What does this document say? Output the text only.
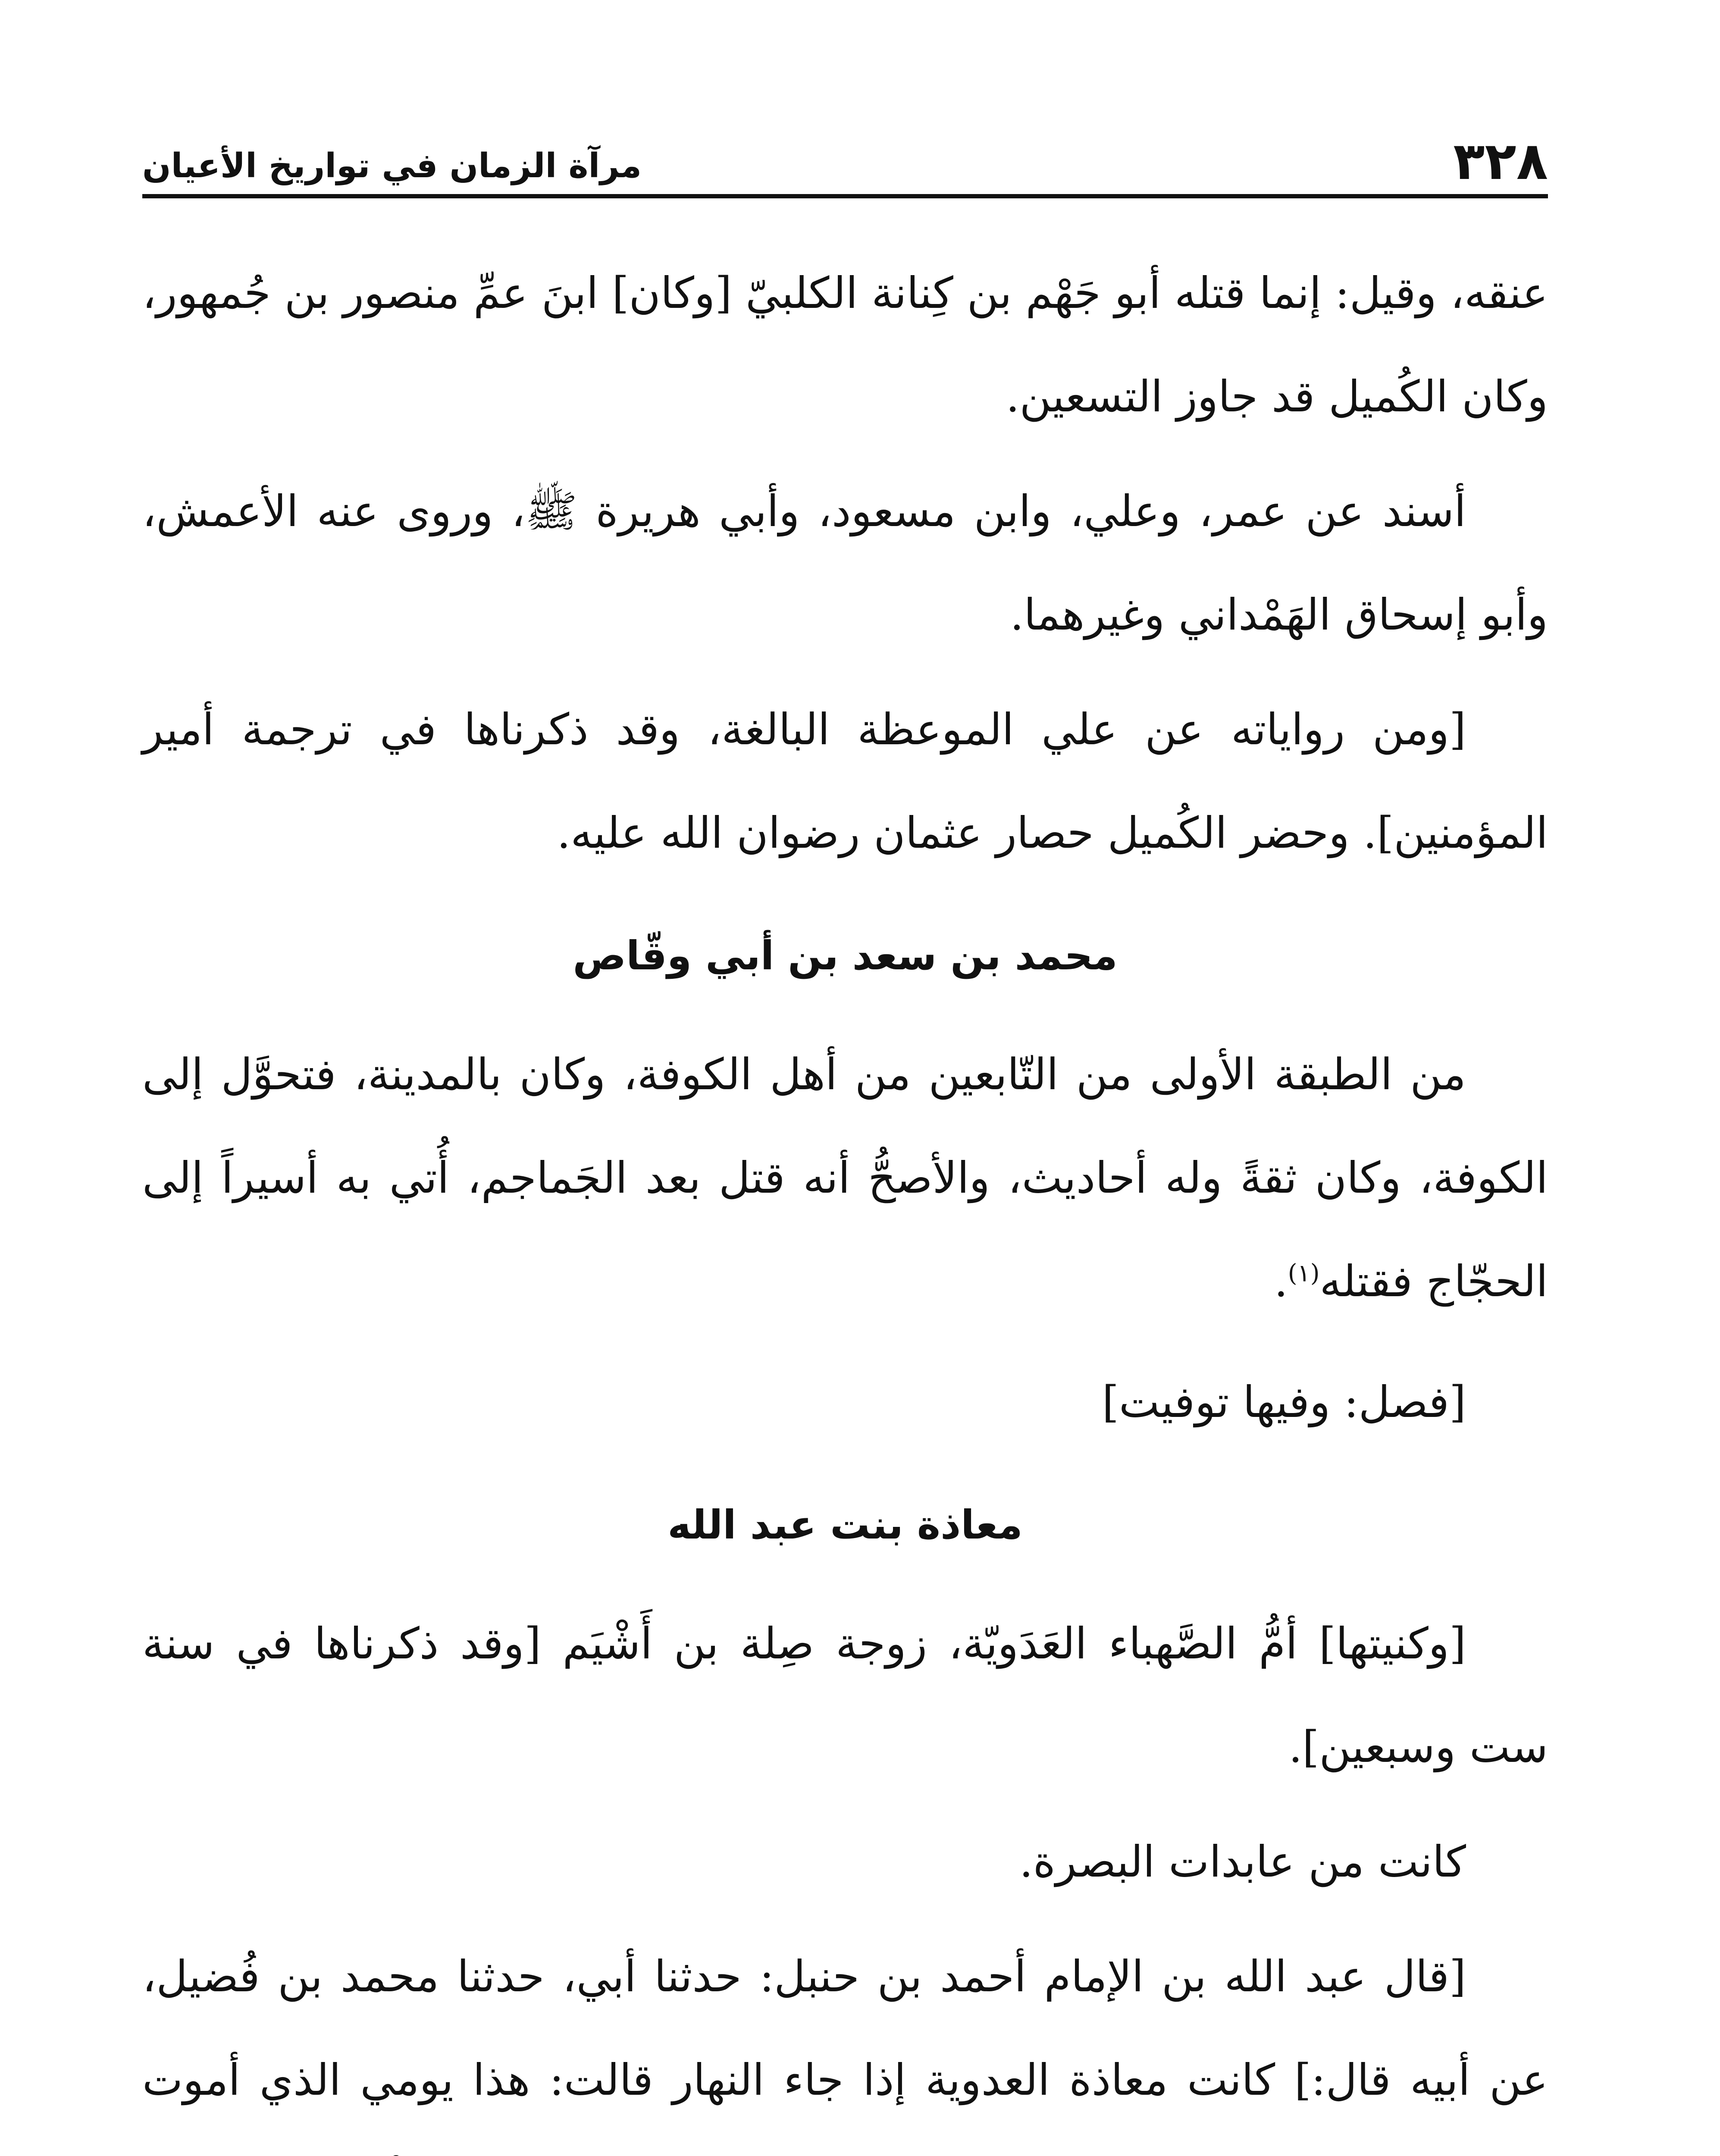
٣٢٨
مرآة الزمان في تواريخ الأعيان

عنقه، وقيل: إنما قتله أبو جَهْم بن كِنانة الكلبيّ [وكان] ابنَ عمِّ منصور بن جُمهور، وكان الكُميل قد جاوز التسعين.

أسند عن عمر، وعلي، وابن مسعود، وأبي هريرة ﷺ، وروى عنه الأعمش، وأبو إسحاق الهَمْداني وغيرهما.

[ومن رواياته عن علي الموعظة البالغة، وقد ذكرناها في ترجمة أمير المؤمنين]. وحضر الكُميل حصار عثمان رضوان الله عليه.

محمد بن سعد بن أبي وقّاص

من الطبقة الأولى من التّابعين من أهل الكوفة، وكان بالمدينة، فتحوَّل إلى الكوفة، وكان ثقةً وله أحاديث، والأصحُّ أنه قتل بعد الجَماجم، أُتي به أسيراً إلى الحجّاج فقتله$^{(١)}$.

[فصل: وفيها توفيت]

معاذة بنت عبد الله

[وكنيتها] أمُّ الصَّهباء العَدَويّة، زوجة صِلة بن أَشْيَم [وقد ذكرناها في سنة ست وسبعين].

كانت من عابدات البصرة.

[قال عبد الله بن الإمام أحمد بن حنبل: حدثنا أبي، حدثنا محمد بن فُضيل، عن أبيه قال:] كانت معاذة العدوية إذا جاء النهار قالت: هذا يومي الذي أموت
